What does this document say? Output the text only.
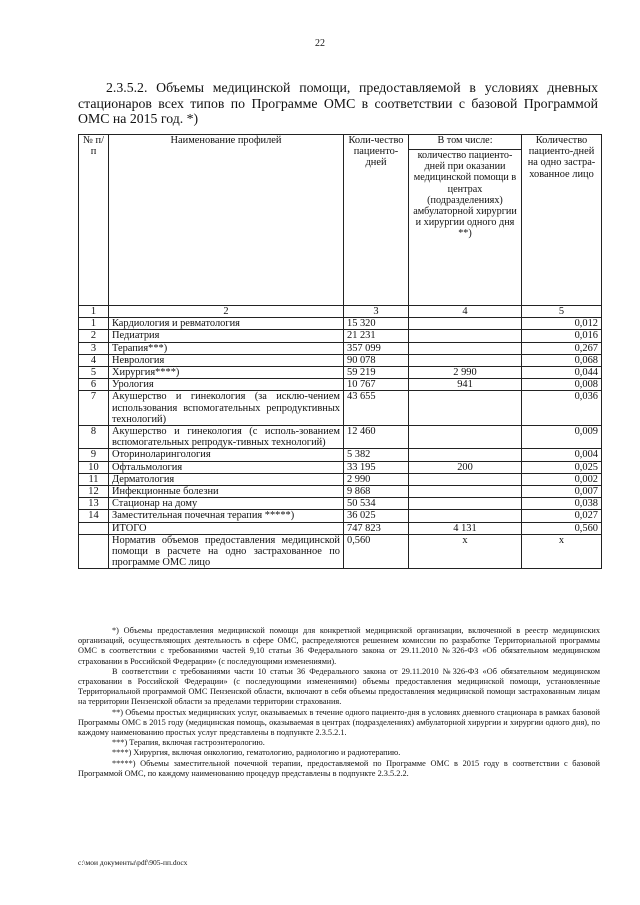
22
2.3.5.2. Объемы медицинской помощи, предоставляемой в условиях дневных стационаров всех типов по Программе ОМС в соответствии с базовой Программой ОМС на 2015 год. *)
№ п/п	Наименование профилей	Коли-чество пациенто-дней	В том числе:	Количество пациенто-дней на одно застра-хованное лицо
			количество пациенто-дней при оказании медицинской помощи в центрах (подразделениях) амбулаторной хирургии и хирургии одного дня **)	
1	2	3	4	5
1	Кардиология и ревматология	15 320		0,012
2	Педиатрия	21 231		0,016
3	Терапия***)	357 099		0,267
4	Неврология	90 078		0,068
5	Хирургия****)	59 219	2 990	0,044
6	Урология	10 767	941	0,008
7	Акушерство и гинекология (за исклю-чением использования вспомогательных репродуктивных технологий)	43 655		0,036
8	Акушерство и гинекология (с исполь-зованием вспомогательных репродук-тивных технологий)	12 460		0,009
9	Оториноларингология	5 382		0,004
10	Офтальмология	33 195	200	0,025
11	Дерматология	2 990		0,002
12	Инфекционные болезни	9 868		0,007
13	Стационар на дому	50 534		0,038
14	Заместительная почечная терапия *****)	36 025		0,027
	ИТОГО	747 823	4 131	0,560
	Норматив объемов предоставления медицинской помощи в расчете на одно застрахованное по программе ОМС лицо	0,560	x	x

*) Объемы предоставления медицинской помощи для конкретной медицинской организации, включенной в реестр медицинских организаций, осуществляющих деятельность в сфере ОМС, распределяются решением комиссии по разработке Территориальной программы ОМС в соответствии с требованиями частей 9,10 статьи 36 Федерального закона от 29.11.2010 №326-ФЗ «Об обязательном медицинском страховании в Российской Федерации» (с последующими изменениями).

В соответствии с требованиями части 10 статьи 36 Федерального закона от 29.11.2010 №326-ФЗ «Об обязательном медицинском страховании в Российской Федерации» (с последующими изменениями) объемы предоставления медицинской помощи, установленные Территориальной программой ОМС Пензенской области, включают в себя объемы предоставления медицинской помощи застрахованным лицам на территории Пензенской области за пределами территории страхования.

**) Объемы простых медицинских услуг, оказываемых в течение одного пациенто-дня в условиях дневного стационара в рамках базовой Программы ОМС в 2015 году (медицинская помощь, оказываемая в центрах (подразделениях) амбулаторной хирургии и хирургии одного дня), по каждому наименованию простых услуг представлены в подпункте 2.3.5.2.1.

***) Терапия, включая гастроэнтерологию.

****) Хирургия, включая онкологию, гематологию, радиологию и радиотерапию.

*****) Объемы заместительной почечной терапии, предоставляемой по Программе ОМС в 2015 году в соответствии с базовой Программой ОМС, по каждому наименованию процедур представлены в подпункте 2.3.5.2.2.

c:\мои документы\pdf\905-пп.docx
